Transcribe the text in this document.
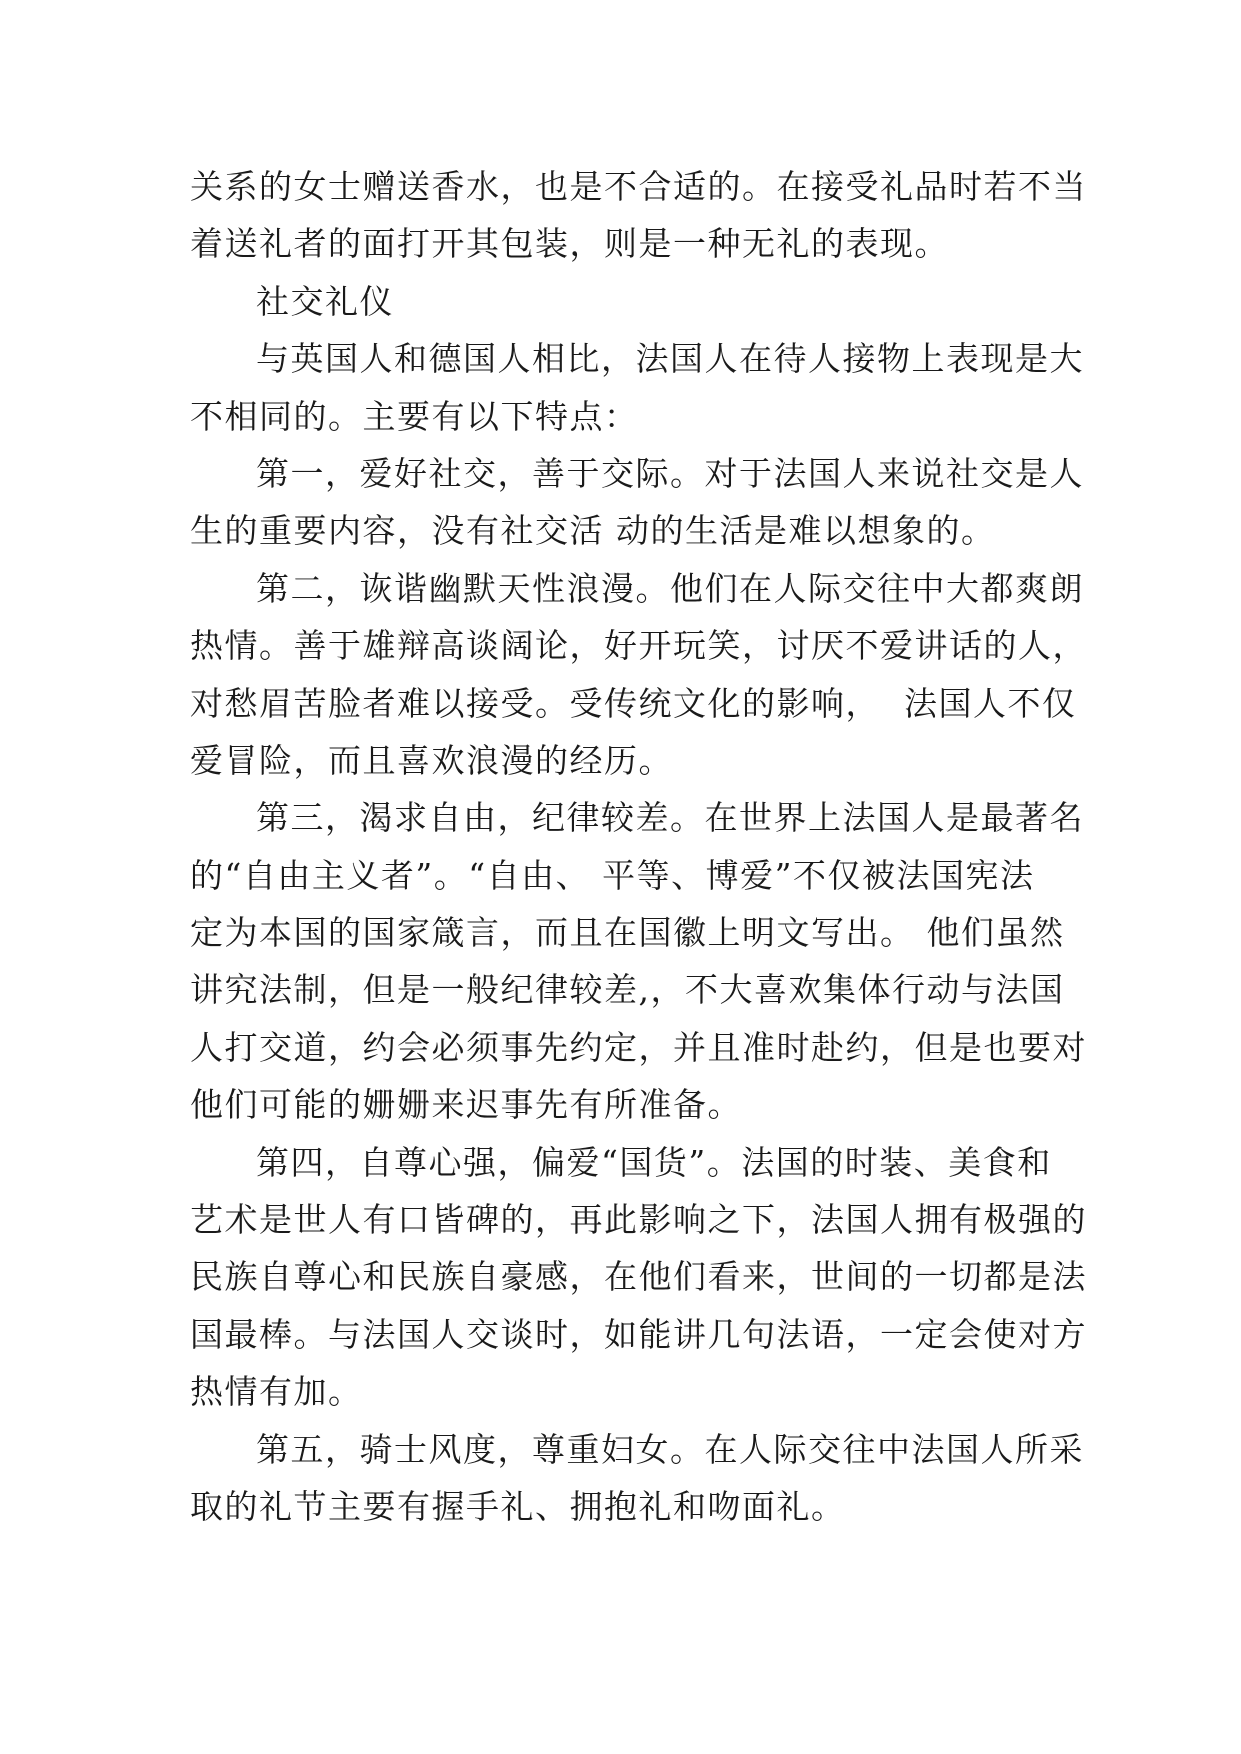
关系的女士赠送香水，也是不合适的。在接受礼品时若不当
着送礼者的面打开其包装，则是一种无礼的表现。
社交礼仪
与英国人和德国人相比，法国人在待人接物上表现是大
不相同的。主要有以下特点：
第一，爱好社交，善于交际。对于法国人来说社交是人
生的重要内容，没有社交活 动的生活是难以想象的。
第二，诙谐幽默天性浪漫。他们在人际交往中大都爽朗
热情。善于雄辩高谈阔论，好开玩笑，讨厌不爱讲话的人，
对愁眉苦脸者难以接受。受传统文化的影响，  法国人不仅
爱冒险，而且喜欢浪漫的经历。
第三，渴求自由，纪律较差。在世界上法国人是最著名
的“自由主义者”。“自由、 平等、博爱”不仅被法国宪法
定为本国的国家箴言，而且在国徽上明文写出。 他们虽然
讲究法制，但是一般纪律较差,，不大喜欢集体行动与法国
人打交道，约会必须事先约定，并且准时赴约，但是也要对
他们可能的姗姗来迟事先有所准备。
第四，自尊心强，偏爱“国货”。法国的时装、美食和
艺术是世人有口皆碑的，再此影响之下，法国人拥有极强的
民族自尊心和民族自豪感，在他们看来，世间的一切都是法
国最棒。与法国人交谈时，如能讲几句法语，一定会使对方
热情有加。
第五，骑士风度，尊重妇女。在人际交往中法国人所采
取的礼节主要有握手礼、拥抱礼和吻面礼。
